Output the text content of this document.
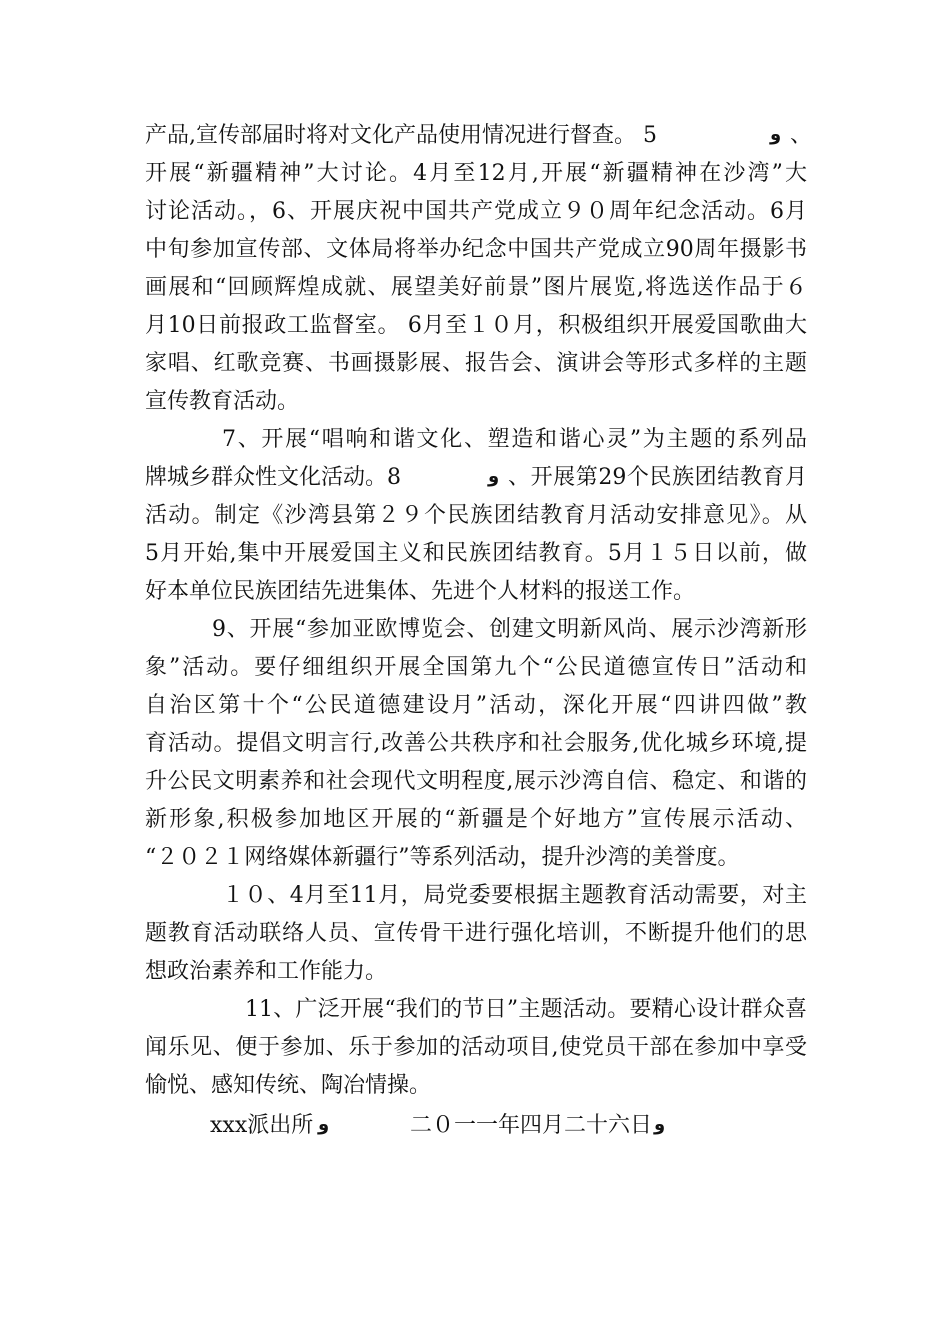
产品,宣传部届时将对文化产品使用情况进行督查。 5	و 、
开展“新疆精神”大讨论。4月至12月,开展“新疆精神在沙湾”大
讨论活动。，6、开展庆祝中国共产党成立９０周年纪念活动。6月
中旬参加宣传部、文体局将举办纪念中国共产党成立90周年摄影书
画展和“回顾辉煌成就、展望美好前景”图片展览,将选送作品于６
月10日前报政工监督室。 6月至１０月，积极组织开展爱国歌曲大
家唱、红歌竞赛、书画摄影展、报告会、演讲会等形式多样的主题
宣传教育活动。
7、开展“唱响和谐文化、塑造和谐心灵”为主题的系列品
牌城乡群众性文化活动。8	و 、开展第29个民族团结教育月
活动。制定《沙湾县第２９个民族团结教育月活动安排意见》。从
5月开始,集中开展爱国主义和民族团结教育。5月１５日以前，做
好本单位民族团结先进集体、先进个人材料的报送工作。
9、开展“参加亚欧博览会、创建文明新风尚、展示沙湾新形
象”活动。要仔细组织开展全国第九个“公民道德宣传日”活动和
自治区第十个“公民道德建设月”活动，深化开展“四讲四做”教
育活动。提倡文明言行,改善公共秩序和社会服务,优化城乡环境,提
升公民文明素养和社会现代文明程度,展示沙湾自信、稳定、和谐的
新形象,积极参加地区开展的“新疆是个好地方”宣传展示活动、
“２０２１网络媒体新疆行”等系列活动，提升沙湾的美誉度。
１０、4月至11月，局党委要根据主题教育活动需要，对主
题教育活动联络人员、宣传骨干进行强化培训，不断提升他们的思
想政治素养和工作能力。
11、广泛开展“我们的节日”主题活动。要精心设计群众喜
闻乐见、便于参加、乐于参加的活动项目,使党员干部在参加中享受
愉悦、感知传统、陶冶情操。
xxx派出所 و	二０一一年四月二十六日 و
